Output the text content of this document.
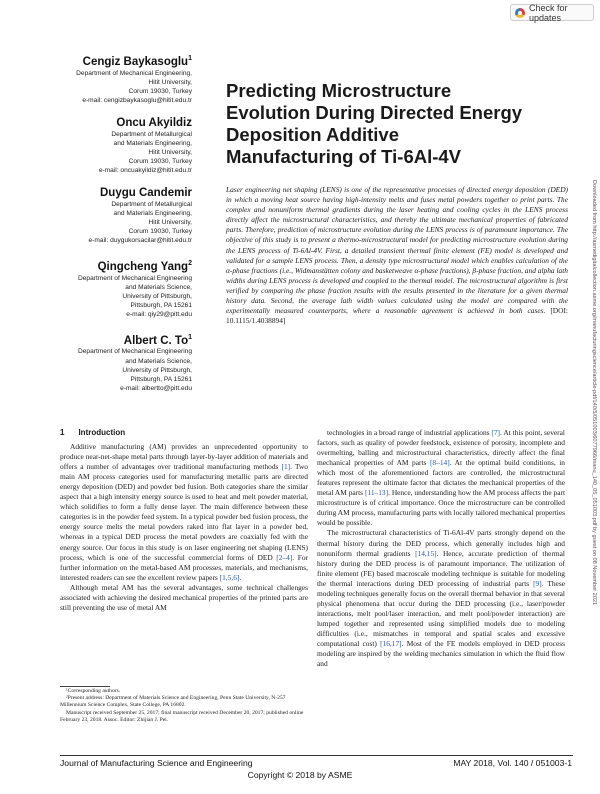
Check for updates
Cengiz Baykasoglu$^1$
Department of Mechanical Engineering,
Hitit University,
Corum 19030, Turkey
e-mail: cengizbaykasoglu@hitit.edu.tr
Oncu Akyildiz
Department of Metallurgical
and Materials Engineering,
Hitit University,
Corum 19030, Turkey
e-mail: oncuakyildiz@hitit.edu.tr
Duygu Candemir
Department of Metallurgical
and Materials Engineering,
Hitit University,
Corum 19030, Turkey
e-mail: duygukorsacilar@hitit.edu.tr
Qingcheng Yang$^2$
Department of Mechanical Engineering
and Materials Science,
University of Pittsburgh,
Pittsburgh, PA 15261
e-mail: qiy29@pitt.edu
Albert C. To$^1$
Department of Mechanical Engineering
and Materials Science,
University of Pittsburgh,
Pittsburgh, PA 15261
e-mail: albertto@pitt.edu
Predicting Microstructure
Evolution During Directed Energy
Deposition Additive
Manufacturing of Ti-6Al-4V
Laser engineering net shaping (LENS) is one of the representative processes of directed energy deposition (DED) in which a moving heat source having high-intensity melts and fuses metal powders together to print parts. The complex and nonuniform thermal gradients during the laser heating and cooling cycles in the LENS process directly affect the microstructural characteristics, and thereby the ultimate mechanical properties of fabricated parts. Therefore, prediction of microstructure evolution during the LENS process is of paramount importance. The objective of this study is to present a thermo-microstructural model for predicting microstructure evolution during the LENS process of Ti-6Al-4V. First, a detailed transient thermal finite element (FE) model is developed and validated for a sample LENS process. Then, a density type microstructural model which enables calculation of the α-phase fractions (i.e., Widmanstätten colony and basketweave α-phase fractions), β-phase fraction, and alpha lath widths during LENS process is developed and coupled to the thermal model. The microstructural algorithm is first verified by comparing the phase fraction results with the results presented in the literature for a given thermal history data. Second, the average lath width values calculated using the model are compared with the experimentally measured counterparts, where a reasonable agreement is achieved in both cases. [DOI: 10.1115/1.4038894]	Downloaded from http://asmedigitalcollection.asme.org/manufacturingscience/article-pdf/140/5/051003/6077966/manu_140_05_051003.pdf by guest on 08 November 2021
1 Introduction

Additive manufacturing (AM) provides an unprecedented opportunity to produce near-net-shape metal parts through layer-by-layer addition of materials and offers a number of advantages over traditional manufacturing methods [1]. Two main AM process categories used for manufacturing metallic parts are directed energy deposition (DED) and powder bed fusion. Both categories share the similar aspect that a high intensity energy source is used to heat and melt powder material, which solidifies to form a fully dense layer. The main difference between these categories is in the powder feed system. In a typical powder bed fusion process, the energy source melts the metal powders raked into flat layer in a powder bed, whereas in a typical DED process the metal powders are coaxially fed with the energy source. Our focus in this study is on laser engineering net shaping (LENS) process, which is one of the successful commercial forms of DED [2–4]. For further information on the metal-based AM processes, materials, and mechanisms, interested readers can see the excellent review papers [1,5,6].

Although metal AM has the several advantages, some technical challenges associated with achieving the desired mechanical properties of the printed parts are still preventing the use of metal AM

technologies in a broad range of industrial applications [7]. At this point, several factors, such as quality of powder feedstock, existence of porosity, incomplete and overmelting, balling and microstructural characteristics, directly affect the final mechanical properties of AM parts [8–14]. At the optimal build conditions, in which most of the aforementioned factors are controlled, the microstructural features represent the ultimate factor that dictates the mechanical properties of the metal AM parts [11–13]. Hence, understanding how the AM process affects the part microstructure is of critical importance. Once the microstructure can be controlled during AM process, manufacturing parts with locally tailored mechanical properties would be possible.

The microstructural characteristics of Ti-6Al-4V parts strongly depend on the thermal history during the DED process, which generally includes high and nonuniform thermal gradients [14,15]. Hence, accurate prediction of thermal history during the DED process is of paramount importance. The utilization of finite element (FE) based macroscale modeling technique is suitable for modeling the thermal interactions during DED processing of industrial parts [9]. These modeling techniques generally focus on the overall thermal behavior in that several physical phenomena that occur during the DED processing (i.e., laser/powder interactions, melt pool/laser interaction, and melt pool/powder interaction) are lumped together and represented using simplified models due to modeling difficulties (i.e., mismatches in temporal and spatial scales and excessive computational cost) [16,17]. Most of the FE models employed in DED process modeling are inspired by the welding mechanics simulation in which the fluid flow and

¹Corresponding authors.

²Present address: Department of Materials Science and Engineering, Penn State University, N-257 Millennium Science Complex, State College, PA 16802.

Manuscript received September 25, 2017; final manuscript received December 20, 2017; published online February 23, 2018. Assoc. Editor: Zhijian J. Pei.

Journal of Manufacturing Science and Engineering	MAY 2018, Vol. 140 / 051003-1
Copyright © 2018 by ASME
